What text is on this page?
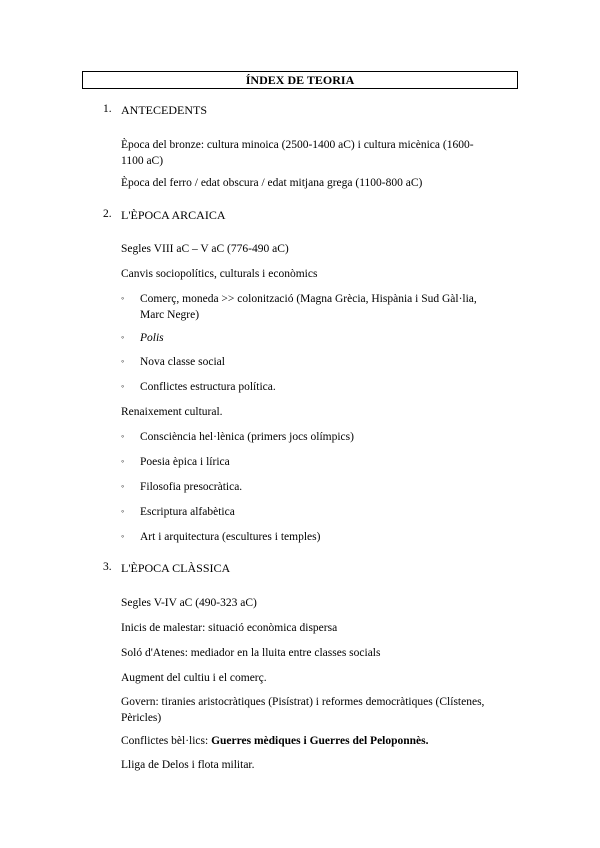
ÍNDEX DE TEORIA
1. ANTECEDENTS
Època del bronze: cultura minoica (2500-1400 aC) i cultura micènica (1600-1100 aC)
Època del ferro / edat obscura / edat mitjana grega (1100-800 aC)
2. L'ÈPOCA ARCAICA
Segles VIII aC – V aC (776-490 aC)
Canvis sociopolítics, culturals i econòmics
◦ Comerç, moneda >> colonització (Magna Grècia, Hispània i Sud Gàl·lia, Marc Negre)
◦ Polis
◦ Nova classe social
◦ Conflictes estructura política.
Renaixement cultural.
◦ Consciència hel·lènica (primers jocs olímpics)
◦ Poesia èpica i lírica
◦ Filosofia presocràtica.
◦ Escriptura alfabètica
◦ Art i arquitectura (escultures i temples)
3. L'ÈPOCA CLÀSSICA
Segles V-IV aC (490-323 aC)
Inicis de malestar: situació econòmica dispersa
Soló d'Atenes: mediador en la lluita entre classes socials
Augment del cultiu i el comerç.
Govern: tiranies aristocràtiques (Pisístrat) i reformes democràtiques (Clístenes, Pèricles)
Conflictes bèl·lics: Guerres mèdiques i Guerres del Peloponnès.
Lliga de Delos i flota militar.
